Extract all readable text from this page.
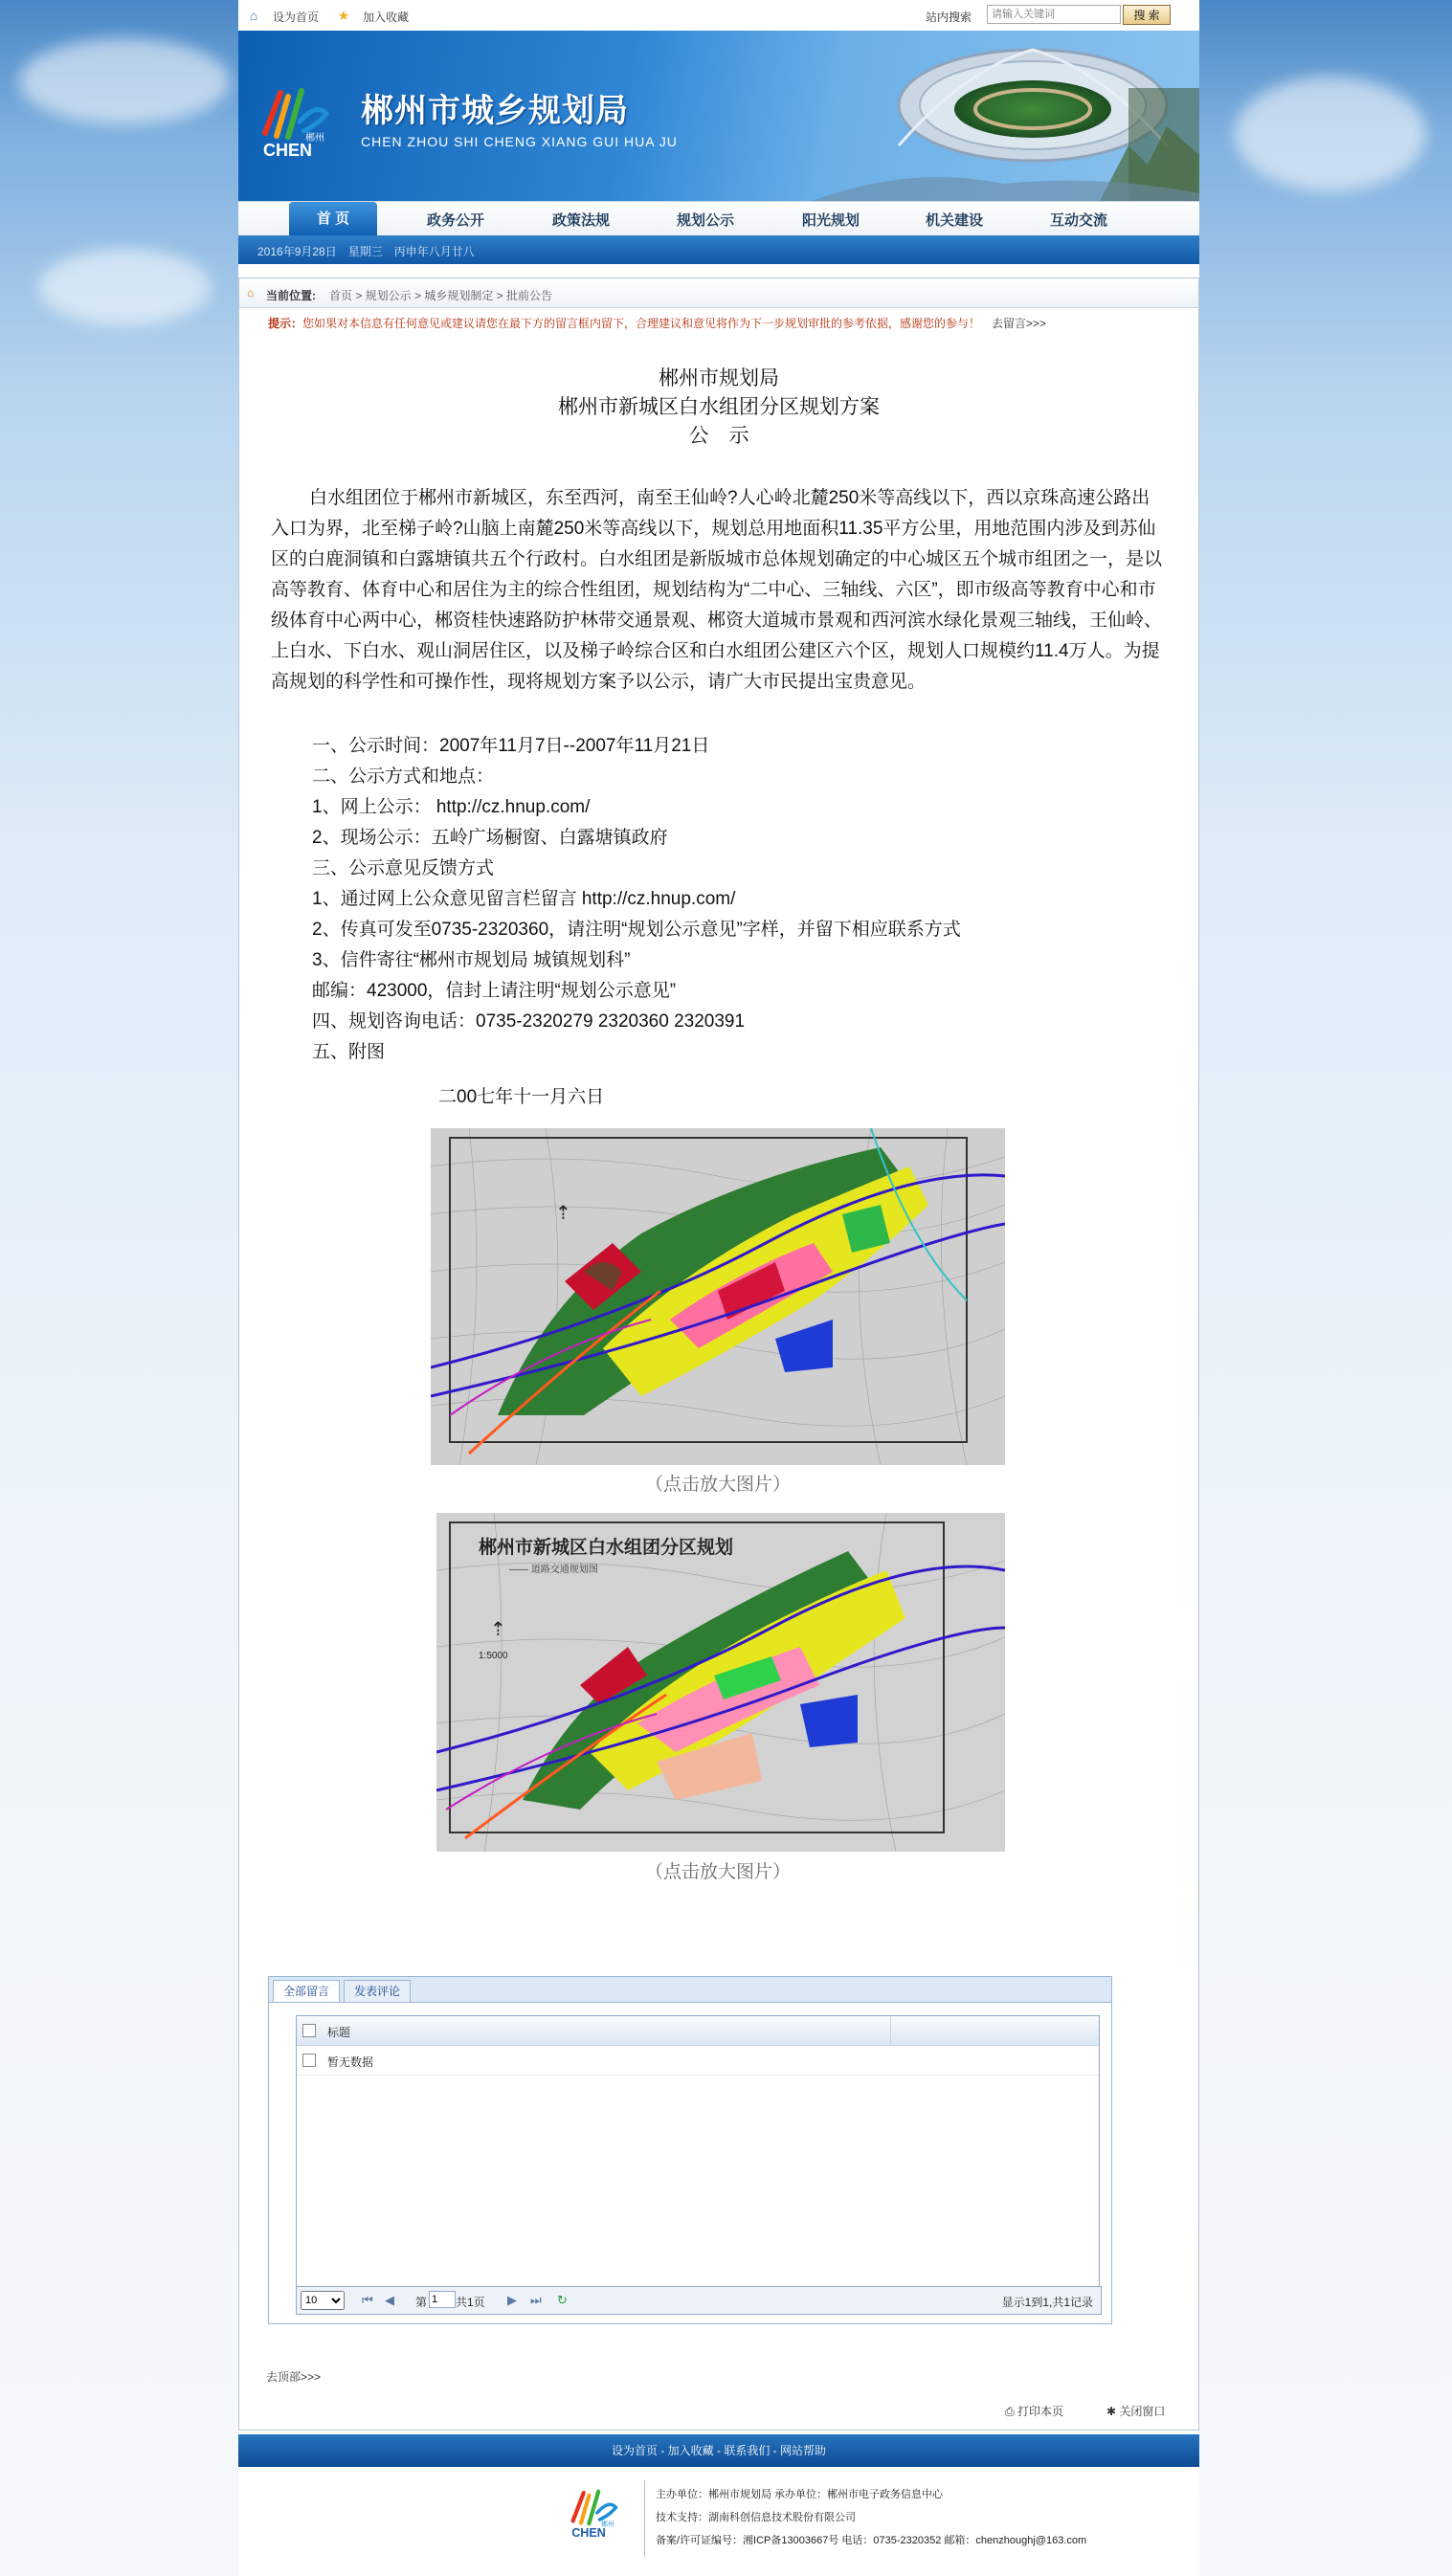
⌂	设为首页 ★ 加入收藏	站内搜索
请输入关键词	搜 索
郴州
CHEN
郴州市城乡规划局
CHEN ZHOU SHI CHENG XIANG GUI HUA JU
首 页	政务公开	政策法规	规划公示	阳光规划	机关建设	互动交流
2016年9月28日　星期三　丙申年八月廿八
⌂	当前位置: 首页 > 规划公示 > 城乡规划制定 > 批前公告
提示：您如果对本信息有任何意见或建议请您在最下方的留言框内留下，合理建议和意见将作为下一步规划审批的参考依据，感谢您的参与！ 去留言>>>
郴州市规划局
郴州市新城区白水组团分区规划方案
公　示

白水组团位于郴州市新城区，东至西河，南至王仙岭?人心岭北麓250米等高线以下，西以京珠高速公路出入口为界，北至梯子岭?山脑上南麓250米等高线以下，规划总用地面积11.35平方公里，用地范围内涉及到苏仙区的白鹿洞镇和白露塘镇共五个行政村。白水组团是新版城市总体规划确定的中心城区五个城市组团之一，是以高等教育、体育中心和居住为主的综合性组团，规划结构为“二中心、三轴线、六区”，即市级高等教育中心和市级体育中心两中心，郴资桂快速路防护林带交通景观、郴资大道城市景观和西河滨水绿化景观三轴线，王仙岭、上白水、下白水、观山洞居住区，以及梯子岭综合区和白水组团公建区六个区，规划人口规模约11.4万人。为提高规划的科学性和可操作性，现将规划方案予以公示，请广大市民提出宝贵意见。

一、公示时间：2007年11月7日--2007年11月21日
二、公示方式和地点：
1、网上公示： http://cz.hnup.com/
2、现场公示：五岭广场橱窗、白露塘镇政府
三、公示意见反馈方式
1、通过网上公众意见留言栏留言 http://cz.hnup.com/
2、传真可发至0735-2320360，请注明“规划公示意见”字样，并留下相应联系方式
3、信件寄往“郴州市规划局 城镇规划科”
邮编：423000，信封上请注明“规划公示意见”
四、规划咨询电话：0735-2320279 2320360 2320391
五、附图
二00七年十一月六日
⇡
（点击放大图片）
郴州市新城区白水组团分区规划
—— 道路交通规划图
⇡
1:5000
（点击放大图片）
全部留言	发表评论
标题
暂无数据
10
⏮ ◀ 第
1 共1页 ▶ ⏭ ↻	显示1到1,共1记录
去顶部>>>
⎙ 打印本页	✱ 关闭窗口
设为首页 - 加入收藏 - 联系我们 - 网站帮助
郴州
CHEN
主办单位：郴州市规划局 承办单位：郴州市电子政务信息中心
技术支持：湖南科创信息技术股份有限公司
备案/许可证编号：湘ICP备13003667号 电话：0735-2320352 邮箱：chenzhoughj@163.com
